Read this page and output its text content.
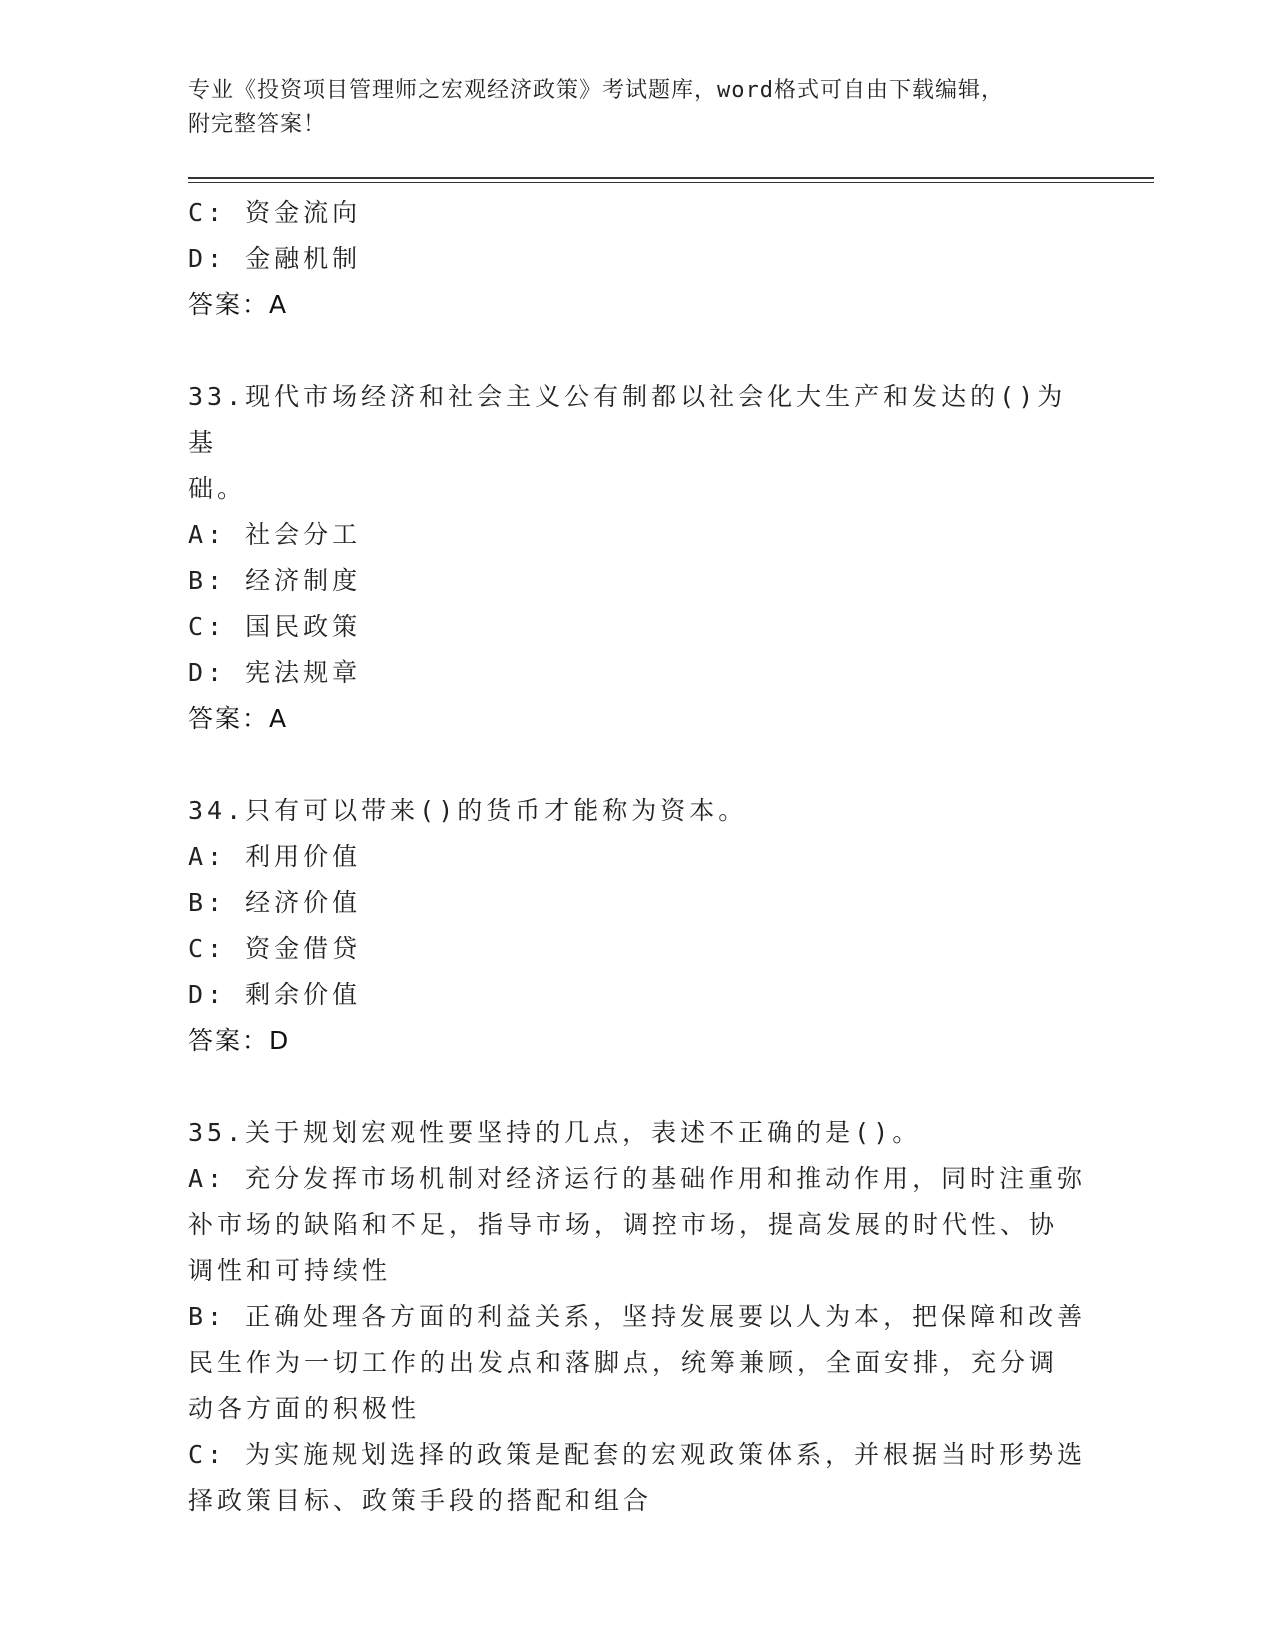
专业《投资项目管理师之宏观经济政策》考试题库，word格式可自由下载编辑，
附完整答案！
C: 资金流向
D: 金融机制
答案：A
33.现代市场经济和社会主义公有制都以社会化大生产和发达的()为基
础。
A: 社会分工
B: 经济制度
C: 国民政策
D: 宪法规章
答案：A
34.只有可以带来()的货币才能称为资本。
A: 利用价值
B: 经济价值
C: 资金借贷
D: 剩余价值
答案：D
35.关于规划宏观性要坚持的几点，表述不正确的是()。
A: 充分发挥市场机制对经济运行的基础作用和推动作用，同时注重弥
补市场的缺陷和不足，指导市场，调控市场，提高发展的时代性、协
调性和可持续性
B: 正确处理各方面的利益关系，坚持发展要以人为本，把保障和改善
民生作为一切工作的出发点和落脚点，统筹兼顾，全面安排，充分调
动各方面的积极性
C: 为实施规划选择的政策是配套的宏观政策体系，并根据当时形势选
择政策目标、政策手段的搭配和组合
